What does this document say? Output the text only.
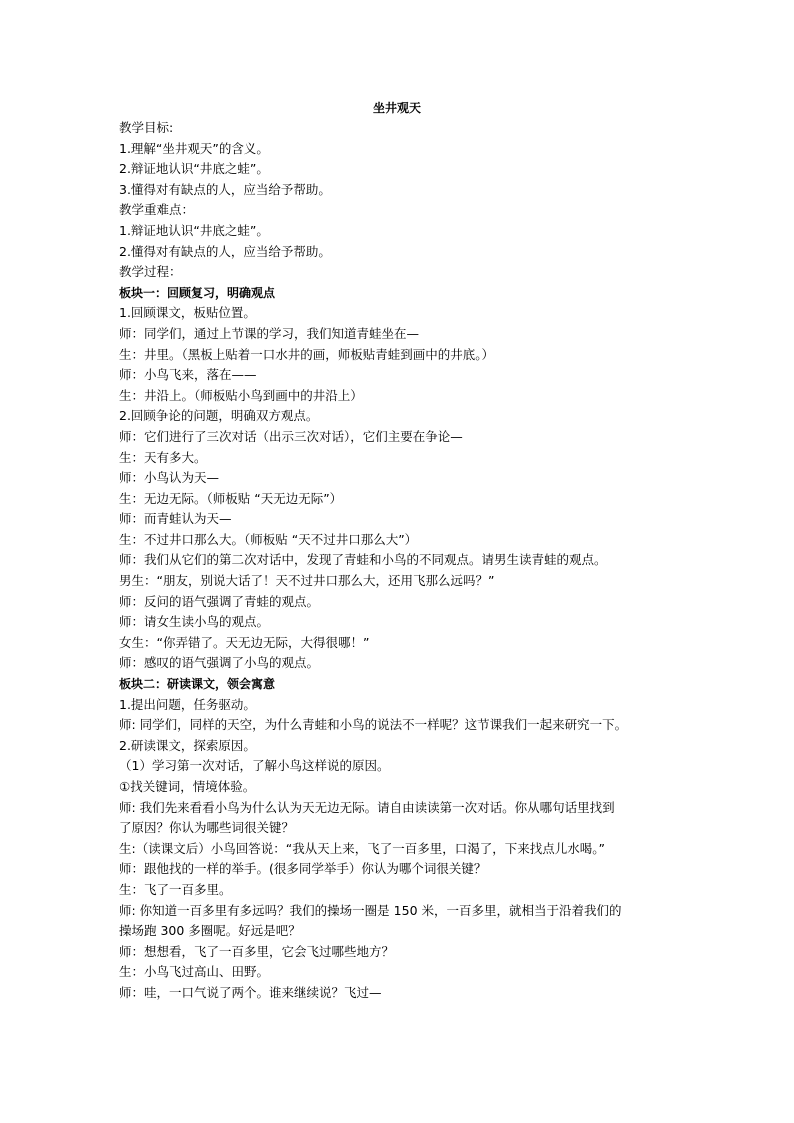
坐井观天
教学目标:
1.理解“坐井观天”的含义。
2.辩证地认识“井底之蛙”。
3.懂得对有缺点的人，应当给予帮助。
教学重难点：
1.辩证地认识“井底之蛙”。
2.懂得对有缺点的人，应当给予帮助。
教学过程：
板块一：回顾复习，明确观点
1.回顾课文，板贴位置。
师：同学们，通过上节课的学习，我们知道青蛙坐在—
生：井里。（黑板上贴着一口水井的画，师板贴青蛙到画中的井底。）
师：小鸟飞来，落在——
生：井沿上。（师板贴小鸟到画中的井沿上）
2.回顾争论的问题，明确双方观点。
师：它们进行了三次对话（出示三次对话），它们主要在争论—
生：天有多大。
师：小鸟认为天—
生：无边无际。（师板贴 “天无边无际”）
师：而青蛙认为天—
生：不过井口那么大。（师板贴 “天不过井口那么大”）
师：我们从它们的第二次对话中，发现了青蛙和小鸟的不同观点。请男生读青蛙的观点。
男生：“朋友，别说大话了！天不过井口那么大，还用飞那么远吗？”
师：反问的语气强调了青蛙的观点。
师：请女生读小鸟的观点。
女生：“你弄错了。天无边无际，大得很哪！”
师：感叹的语气强调了小鸟的观点。
板块二：研读课文，领会寓意
1.提出问题，任务驱动。
师: 同学们，同样的天空，为什么青蛙和小鸟的说法不一样呢？这节课我们一起来研究一下。
2.研读课文，探索原因。
（1）学习第一次对话，了解小鸟这样说的原因。
①找关键词，情境体验。
师: 我们先来看看小鸟为什么认为天无边无际。请自由读读第一次对话。你从哪句话里找到
了原因？你认为哪些词很关键？
生:（读课文后）小鸟回答说：“我从天上来，飞了一百多里，口渴了，下来找点儿水喝。”
师：跟他找的一样的举手。(很多同学举手）你认为哪个词很关键？
生：飞了一百多里。
师: 你知道一百多里有多远吗？我们的操场一圈是 150 米，一百多里，就相当于沿着我们的
操场跑 300 多圈呢。好远是吧？
师：想想看，飞了一百多里，它会飞过哪些地方？
生：小鸟飞过高山、田野。
师：哇，一口气说了两个。谁来继续说？飞过—
